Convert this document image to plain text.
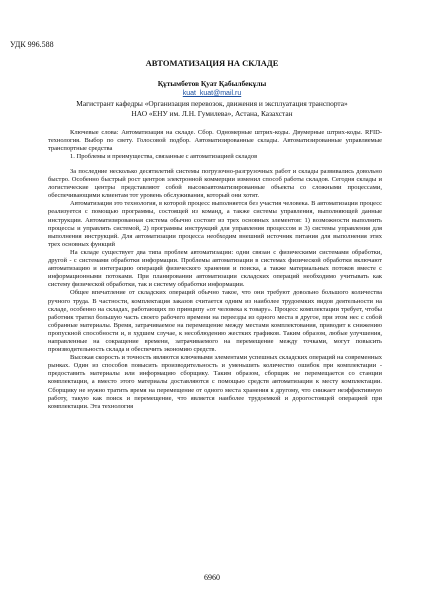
УДК 996.588
АВТОМАТИЗАЦИЯ НА СКЛАДЕ
Құтымбетов Қуат Қабылбекұлы
kuat_kuat@mail.ru
Магистрант кафедры «Организация перевозок, движения и эксплуатация транспорта»
НАО «ЕНУ им. Л.Н. Гумилева», Астана, Казахстан

Ключевые слова: Автоматизация на складе. Сбор. Одномерные штрих-коды. Двумерные штрих-коды. RFID-технология. Выбор по свету. Голосовой подбор. Автоматизированные склады. Автоматизированные управляемые транспортные средства

1. Проблемы и преимущества, связанные с автоматизацией складов

За последние несколько десятилетий системы погрузочно-разгрузочных работ и склады развивались довольно быстро. Особенно быстрый рост центров электронной коммерции изменил способ работы складов. Сегодня склады и логистические центры представляют собой высокоавтоматизированные объекты со сложными процессами, обеспечивающими клиентам тот уровень обслуживания, который они хотят.

Автоматизация это технология, в которой процесс выполняется без участия человека. В автоматизации процесс реализуется с помощью программы, состоящей из команд, а также системы управления, выполняющей данные инструкции. Автоматизированная система обычно состоит из трех основных элементов: 1) возможности выполнить процессы и управлять системой, 2) программы инструкций для управления процессом и 3) системы управления для выполнения инструкций. Для автоматизации процесса необходим внешний источник питания для выполнения этих трех основных функций

На складе существует два типа проблем автоматизации: одни связан с физическими системами обработки, другой - с системами обработки информации. Проблемы автоматизации в системах физической обработки включают автоматизацию и интеграцию операций физического хранения и поиска, а также материальных потоков вместе с информационными потоками. При планировании автоматизации складских операций необходимо учитывать как систему физической обработки, так и систему обработки информации.

Общее впечатление от складских операций обычно такое, что они требуют довольно большого количества ручного труда. В частности, комплектация заказов считается одним из наиболее трудоемких видов деятельности на складе, особенно на складах, работающих по принципу «от человека к товару». Процесс комплектации требует, чтобы работник тратил большую часть своего рабочего времени на переезды из одного места в другое, при этом нес с собой собранные материалы. Время, затрачиваемое на перемещение между местами комплектования, приводит к снижению пропускной способности и, в худшем случае, к несоблюдению жестких графиков. Таким образом, любые улучшения, направленные на сокращение времени, затрачиваемого на перемещение между точками, могут повысить производительность склада и обеспечить экономию средств.

Высокая скорость и точность являются ключевыми элементами успешных складских операций на современных рынках. Один из способов повысить производительность и уменьшить количество ошибок при комплектации - предоставить материалы или информацию сборщику. Таким образом, сборщик не перемещается со станции комплектации, а вместо этого материалы доставляются с помощью средств автоматизации к месту комплектации. Сборщику не нужно тратить время на перемещение от одного места хранения к другому, что снижает неэффективную работу, такую как поиск и перемещение, что является наиболее трудоемкой и дорогостоящей операцией при комплектации. Эта технология

6960
